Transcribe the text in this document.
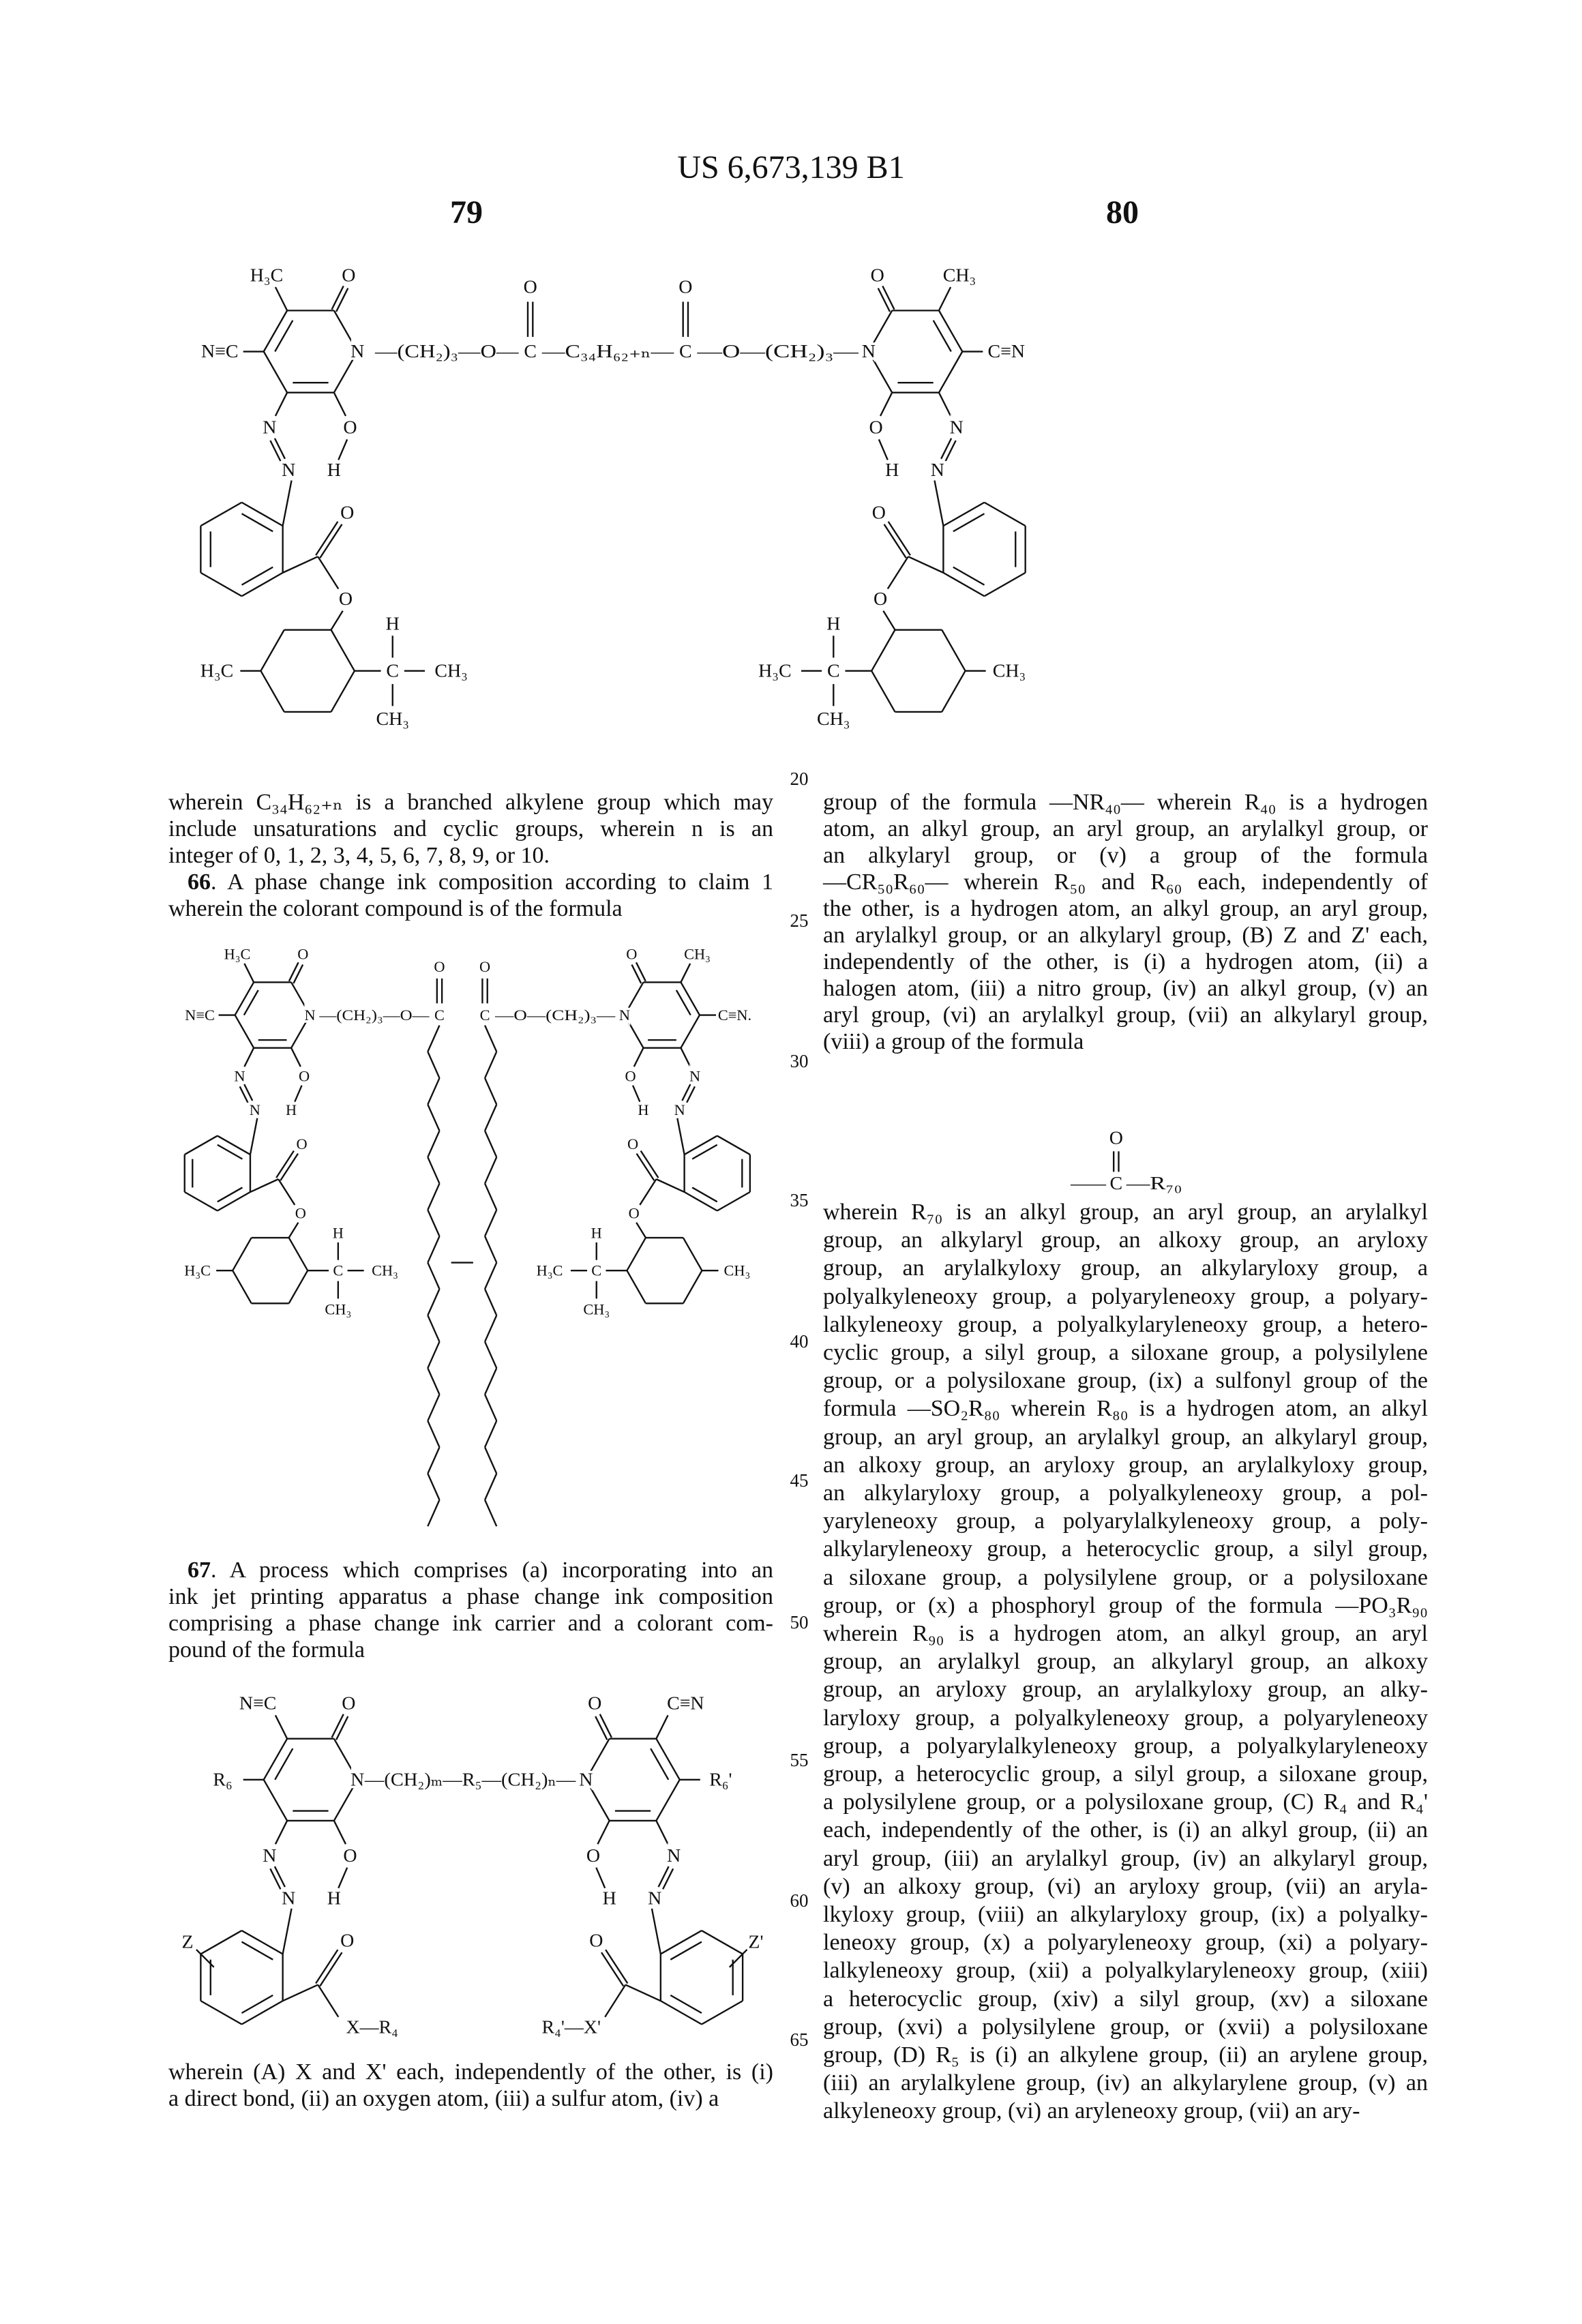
US 6,673,139 B1
79	80
wherein C₃₄H₆₂₊ₙ is a branched alkylene group which may
include unsaturations and cyclic groups, wherein n is an
integer of 0, 1, 2, 3, 4, 5, 6, 7, 8, 9, or 10.
66. A phase change ink composition according to claim 1
wherein the colorant compound is of the formula
67. A process which comprises (a) incorporating into an
ink jet printing apparatus a phase change ink composition
comprising a phase change ink carrier and a colorant com-
pound of the formula
wherein (A) X and X' each, independently of the other, is (i)
a direct bond, (ii) an oxygen atom, (iii) a sulfur atom, (iv) a
group of the formula —NR₄₀— wherein R₄₀ is a hydrogen
atom, an alkyl group, an aryl group, an arylalkyl group, or
an alkylaryl group, or (v) a group of the formula
—CR₅₀R₆₀— wherein R₅₀ and R₆₀ each, independently of
the other, is a hydrogen atom, an alkyl group, an aryl group,
an arylalkyl group, or an alkylaryl group, (B) Z and Z' each,
independently of the other, is (i) a hydrogen atom, (ii) a
halogen atom, (iii) a nitro group, (iv) an alkyl group, (v) an
aryl group, (vi) an arylalkyl group, (vii) an alkylaryl group,
(viii) a group of the formula
wherein R₇₀ is an alkyl group, an aryl group, an arylalkyl
group, an alkylaryl group, an alkoxy group, an aryloxy
group, an arylalkyloxy group, an alkylaryloxy group, a
polyalkyleneoxy group, a polyaryleneoxy group, a polyary-
lalkyleneoxy group, a polyalkylaryleneoxy group, a hetero-
cyclic group, a silyl group, a siloxane group, a polysilylene
group, or a polysiloxane group, (ix) a sulfonyl group of the
formula —SO₂R₈₀ wherein R₈₀ is a hydrogen atom, an alkyl
group, an aryl group, an arylalkyl group, an alkylaryl group,
an alkoxy group, an aryloxy group, an arylalkyloxy group,
an alkylaryloxy group, a polyalkyleneoxy group, a pol-
yaryleneoxy group, a polyarylalkyleneoxy group, a poly-
alkylaryleneoxy group, a heterocyclic group, a silyl group,
a siloxane group, a polysilylene group, or a polysiloxane
group, or (x) a phosphoryl group of the formula —PO₃R₉₀
wherein R₉₀ is a hydrogen atom, an alkyl group, an aryl
group, an arylalkyl group, an alkylaryl group, an alkoxy
group, an aryloxy group, an arylalkyloxy group, an alky-
laryloxy group, a polyalkyleneoxy group, a polyaryleneoxy
group, a polyarylalkyleneoxy group, a polyalkylaryleneoxy
group, a heterocyclic group, a silyl group, a siloxane group,
a polysilylene group, or a polysiloxane group, (C) R₄ and R₄'
each, independently of the other, is (i) an alkyl group, (ii) an
aryl group, (iii) an arylalkyl group, (iv) an alkylaryl group,
(v) an alkoxy group, (vi) an aryloxy group, (vii) an aryla-
lkyloxy group, (viii) an alkylaryloxy group, (ix) a polyalky-
leneoxy group, (x) a polyaryleneoxy group, (xi) a polyary-
lalkyleneoxy group, (xii) a polyalkylaryleneoxy group, (xiii)
a heterocyclic group, (xiv) a silyl group, (xv) a siloxane
group, (xvi) a polysilylene group, or (xvii) a polysiloxane
group, (D) R₅ is (i) an alkylene group, (ii) an arylene group,
(iii) an arylalkylene group, (iv) an alkylarylene group, (v) an
alkyleneoxy group, (vi) an aryleneoxy group, (vii) an ary-
20
25
30
35
40
45
50
55
60
65
O
N
O
H
N
N
O
O
H₃C
N≡C
C
H
CH₃
CH₃
H₃C
O
N
O
H
N
N
O
O
CH₃
C≡N
C
H
CH₃
H₃C	CH₃
—(CH₂)₃—O— C —C₃₄H₆₂₊ₙ— C —O—(CH₂)₃—
O	O
O
N
O
H
N
N
O
O
H₃C
N≡C
C
H
CH₃
CH₃
H₃C
O
N
O
H
N
N
O
O
CH₃
C≡N.
C
H
CH₃
H₃C	CH₃
—(CH₂)₃—O— C	C —O—(CH₂)₃—
O	O
O
N
O
H
N
N
O
N≡C
R₆
Z
X—R₄
O
N
O
H
N
N
O
C≡N
R₆'
Z'
R₄'—X'
—(CH₂)ₘ—R₅—(CH₂)ₙ—
— C —R₇₀
O
